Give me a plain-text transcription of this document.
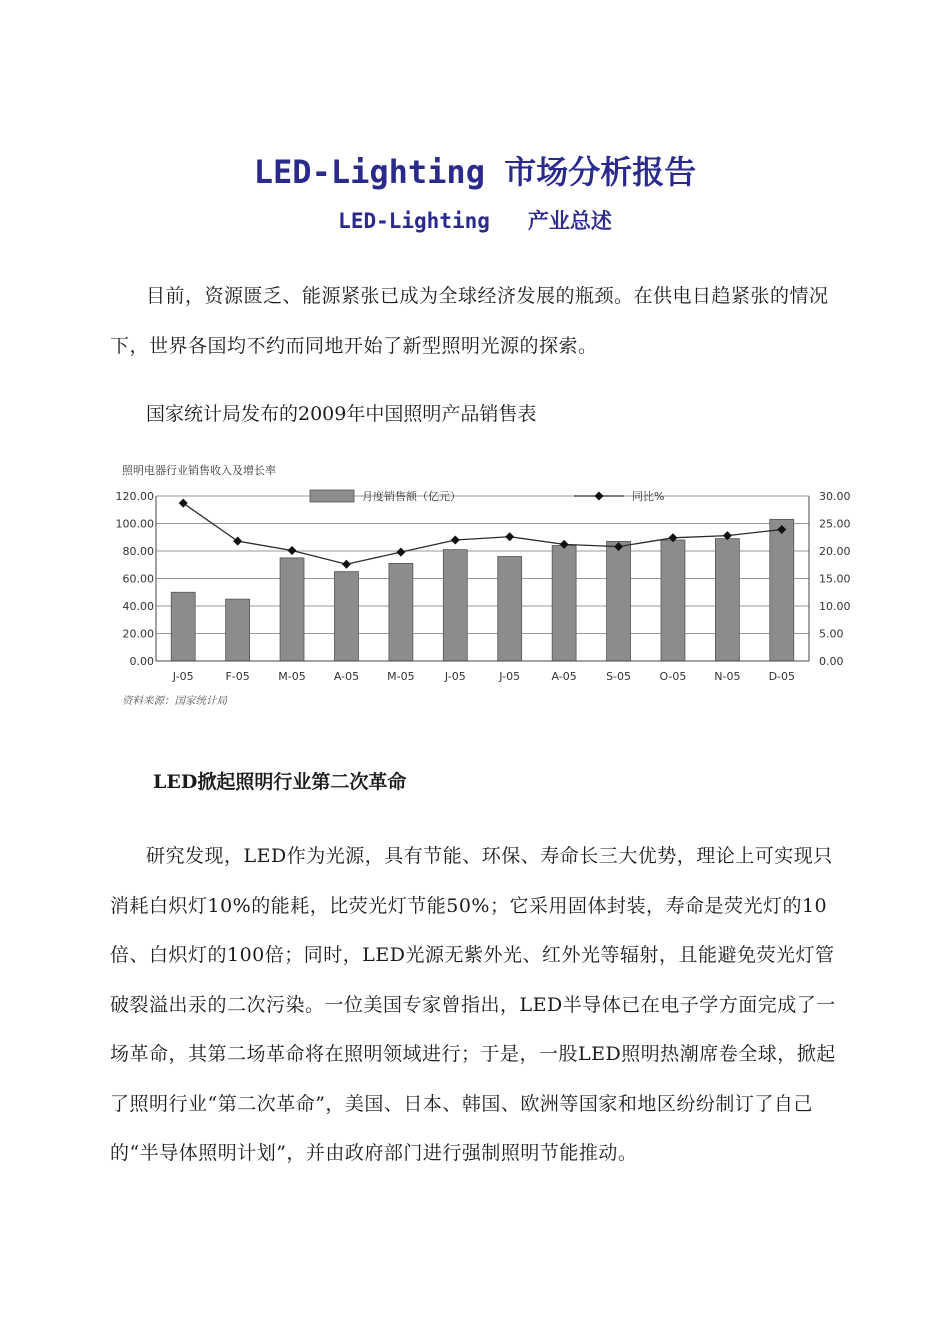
LED-Lighting 市场分析报告
LED-Lighting   产业总述

目前，资源匮乏、能源紧张已成为全球经济发展的瓶颈。在供电日趋紧张的情况下，世界各国均不约而同地开始了新型照明光源的探索。

国家统计局发布的2009年中国照明产品销售表

照明电器行业销售收入及增长率
0.00	0.00
20.00	5.00
40.00	10.00
60.00	15.00
80.00	20.00
100.00	25.00
120.00	30.00
J-05	F-05	M-05	A-05	M-05	J-05	J-05	A-05	S-05	O-05	N-05	D-05
月度销售额（亿元）	同比%
资料来源：国家统计局
LED掀起照明行业第二次革命

研究发现，LED作为光源，具有节能、环保、寿命长三大优势，理论上可实现只消耗白炽灯10%的能耗，比荧光灯节能50%；它采用固体封装，寿命是荧光灯的10倍、白炽灯的100倍；同时，LED光源无紫外光、红外光等辐射，且能避免荧光灯管破裂溢出汞的二次污染。一位美国专家曾指出，LED半导体已在电子学方面完成了一场革命，其第二场革命将在照明领域进行；于是，一股LED照明热潮席卷全球，掀起了照明行业“第二次革命”，美国、日本、韩国、欧洲等国家和地区纷纷制订了自己的“半导体照明计划”，并由政府部门进行强制照明节能推动。
